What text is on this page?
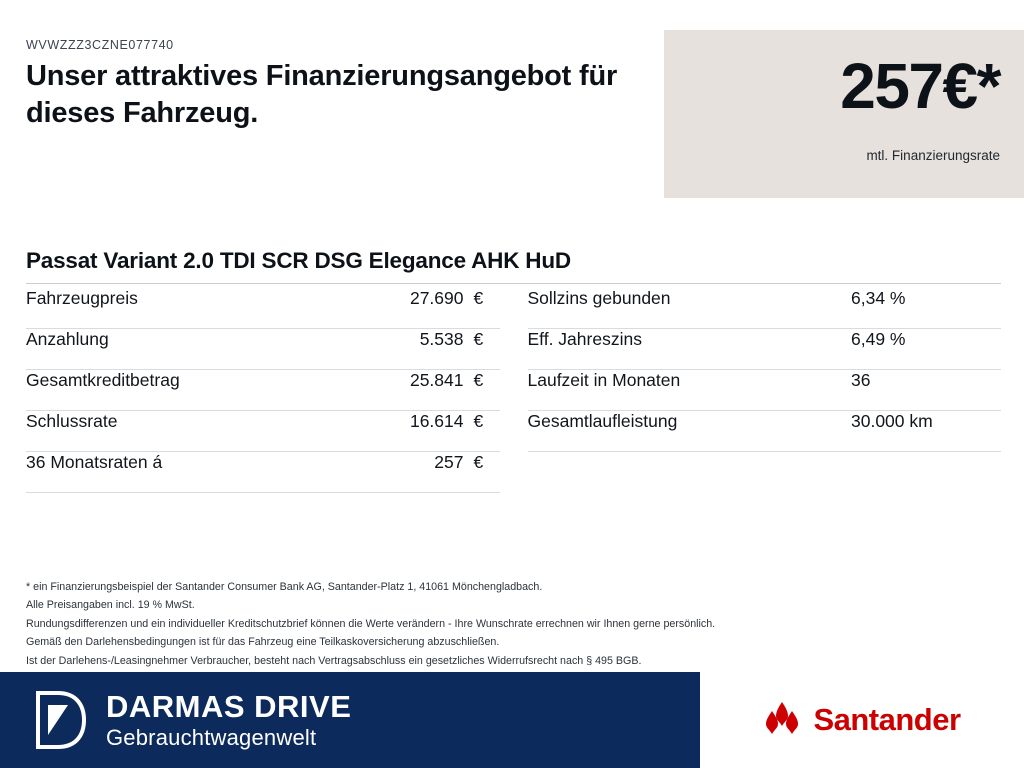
WVWZZZ3CZNE077740
Unser attraktives Finanzierungsangebot für dieses Fahrzeug.	257€*
mtl. Finanzierungsrate
Passat Variant 2.0 TDI SCR DSG Elegance AHK HuD
Fahrzeugpreis	27.690 €
Anzahlung	5.538 €
Gesamtkreditbetrag	25.841 €
Schlussrate	16.614 €
36 Monatsraten á	257 €
Sollzins gebunden	6,34 %
Eff. Jahreszins	6,49 %
Laufzeit in Monaten	36
Gesamtlaufleistung	30.000 km
* ein Finanzierungsbeispiel der Santander Consumer Bank AG, Santander-Platz 1, 41061 Mönchengladbach.
Alle Preisangaben incl. 19 % MwSt.
Rundungsdifferenzen und ein individueller Kreditschutzbrief können die Werte verändern - Ihre Wunschrate errechnen wir Ihnen gerne persönlich.
Gemäß den Darlehensbedingungen ist für das Fahrzeug eine Teilkaskoversicherung abzuschließen.
Ist der Darlehens-/Leasingnehmer Verbraucher, besteht nach Vertragsabschluss ein gesetzliches Widerrufsrecht nach § 495 BGB.
DARMAS DRIVE
Gebrauchtwagenwelt
Santander
